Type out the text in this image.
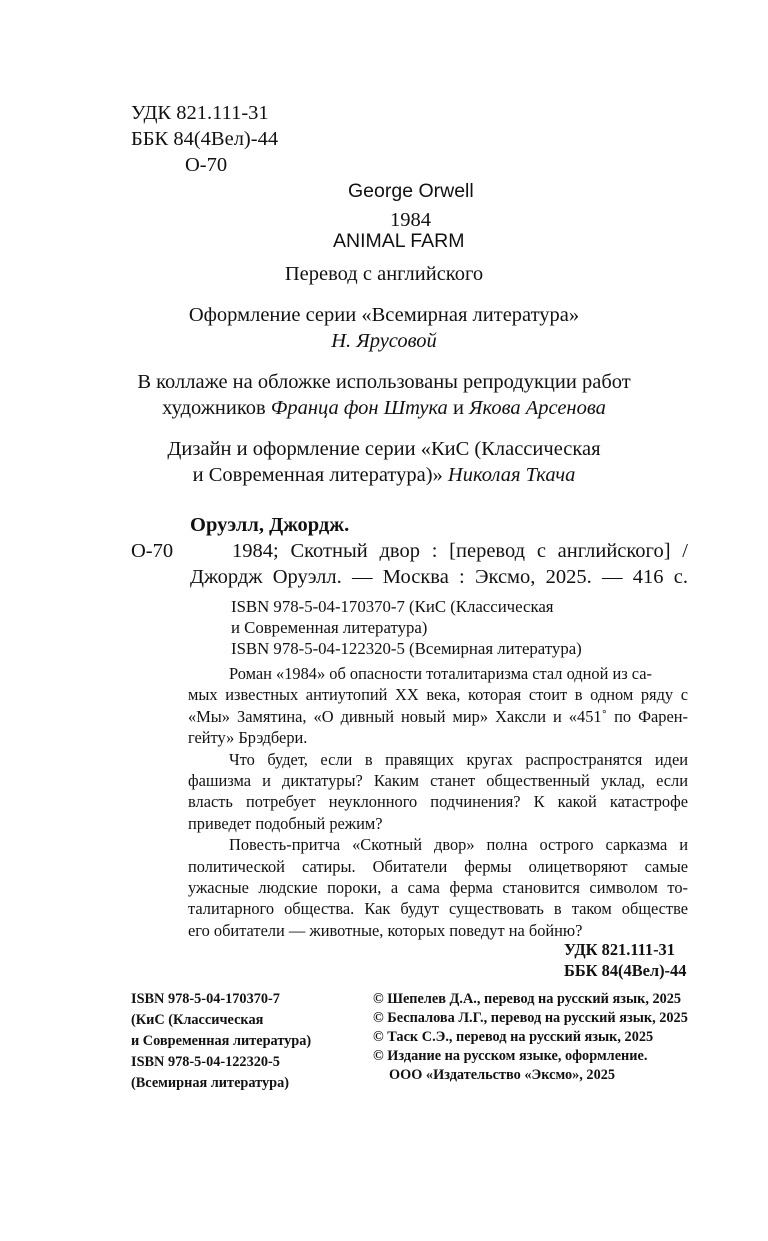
УДК 821.111-31
ББК 84(4Вел)-44
О-70
George Orwell
1984
ANIMAL FARM
Перевод с английского
Оформление серии «Всемирная литература»
Н. Ярусовой
В коллаже на обложке использованы репродукции работ
художников Франца фон Штука и Якова Арсенова
Дизайн и оформление серии «КиС (Классическая
и Современная литература)» Николая Ткача
Оруэлл, Джордж.
О-70	1984; Скотный двор : [перевод с английского] /
Джордж Оруэлл. — Москва : Эксмо, 2025. — 416 с.
ISBN 978-5-04-170370-7 (КиС (Классическая
и Современная литература)
ISBN 978-5-04-122320-5 (Всемирная литература)
Роман «1984» об опасности тоталитаризма стал одной из са-
мых известных антиутопий XX века, которая стоит в одном ряду с
«Мы» Замятина, «О дивный новый мир» Хаксли и «451˚ по Фарен-
гейту» Брэдбери.
Что будет, если в правящих кругах распространятся идеи
фашизма и диктатуры? Каким станет общественный уклад, если
власть потребует неуклонного подчинения? К какой катастрофе
приведет подобный режим?
Повесть-притча «Скотный двор» полна острого сарказма и
политической сатиры. Обитатели фермы олицетворяют самые
ужасные людские пороки, а сама ферма становится символом то-
талитарного общества. Как будут существовать в таком обществе
его обитатели — животные, которых поведут на бойню?
УДК 821.111-31
ББК 84(4Вел)-44
ISBN 978-5-04-170370-7
(КиС (Классическая
и Современная литература)
ISBN 978-5-04-122320-5
(Всемирная литература)
© Шепелев Д.А., перевод на русский язык, 2025
© Беспалова Л.Г., перевод на русский язык, 2025
© Таск С.Э., перевод на русский язык, 2025
© Издание на русском языке, оформление.
ООО «Издательство «Эксмо», 2025
